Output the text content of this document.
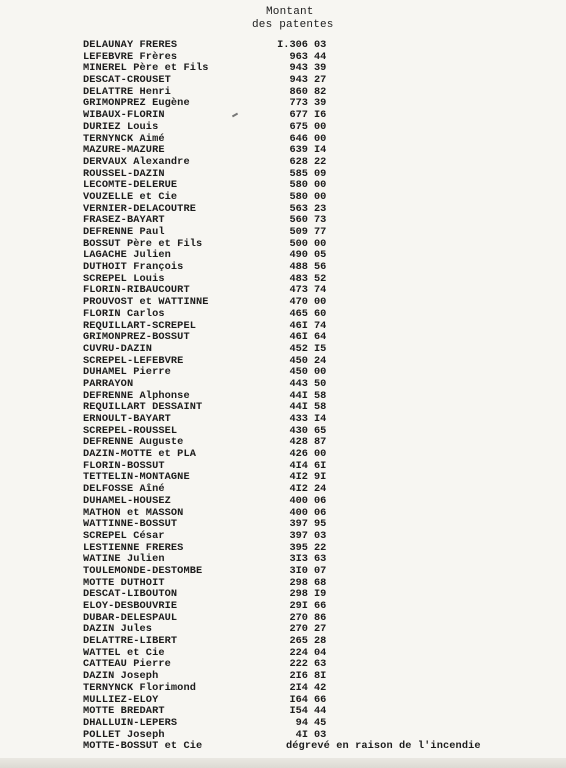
Montant
des patentes
DELAUNAY FRERES	I.306 03
LEFEBVRE Frères	963 44
MINEREL Père et Fils	943 39
DESCAT-CROUSET	943 27
DELATTRE Henri	860 82
GRIMONPREZ Eugène	773 39
WIBAUX-FLORIN	677 I6
DURIEZ Louis	675 00
TERNYNCK Aimé	646 00
MAZURE-MAZURE	639 I4
DERVAUX Alexandre	628 22
ROUSSEL-DAZIN	585 09
LECOMTE-DELERUE	580 00
VOUZELLE et Cie	580 00
VERNIER-DELACOUTRE	563 23
FRASEZ-BAYART	560 73
DEFRENNE Paul	509 77
BOSSUT Père et Fils	500 00
LAGACHE Julien	490 05
DUTHOIT François	488 56
SCREPEL Louis	483 52
FLORIN-RIBAUCOURT	473 74
PROUVOST et WATTINNE	470 00
FLORIN Carlos	465 60
REQUILLART-SCREPEL	46I 74
GRIMONPREZ-BOSSUT	46I 64
CUVRU-DAZIN	452 I5
SCREPEL-LEFEBVRE	450 24
DUHAMEL Pierre	450 00
PARRAYON	443 50
DEFRENNE Alphonse	44I 58
REQUILLART DESSAINT	44I 58
ERNOULT-BAYART	433 I4
SCREPEL-ROUSSEL	430 65
DEFRENNE Auguste	428 87
DAZIN-MOTTE et PLA	426 00
FLORIN-BOSSUT	4I4 6I
TETTELIN-MONTAGNE	4I2 9I
DELFOSSE Aîné	4I2 24
DUHAMEL-HOUSEZ	400 06
MATHON et MASSON	400 06
WATTINNE-BOSSUT	397 95
SCREPEL César	397 03
LESTIENNE FRERES	395 22
WATINE Julien	3I3 63
TOULEMONDE-DESTOMBE	3I0 07
MOTTE DUTHOIT	298 68
DESCAT-LIBOUTON	298 I9
ELOY-DESBOUVRIE	29I 66
DUBAR-DELESPAUL	270 86
DAZIN Jules	270 27
DELATTRE-LIBERT	265 28
WATTEL et Cie	224 04
CATTEAU Pierre	222 63
DAZIN Joseph	2I6 8I
TERNYNCK Florimond	2I4 42
MULLIEZ-ELOY	I64 66
MOTTE BREDART	I54 44
DHALLUIN-LEPERS	94 45
POLLET Joseph	4I 03
MOTTE-BOSSUT et Cie	dégrevé en raison de l'incendie
